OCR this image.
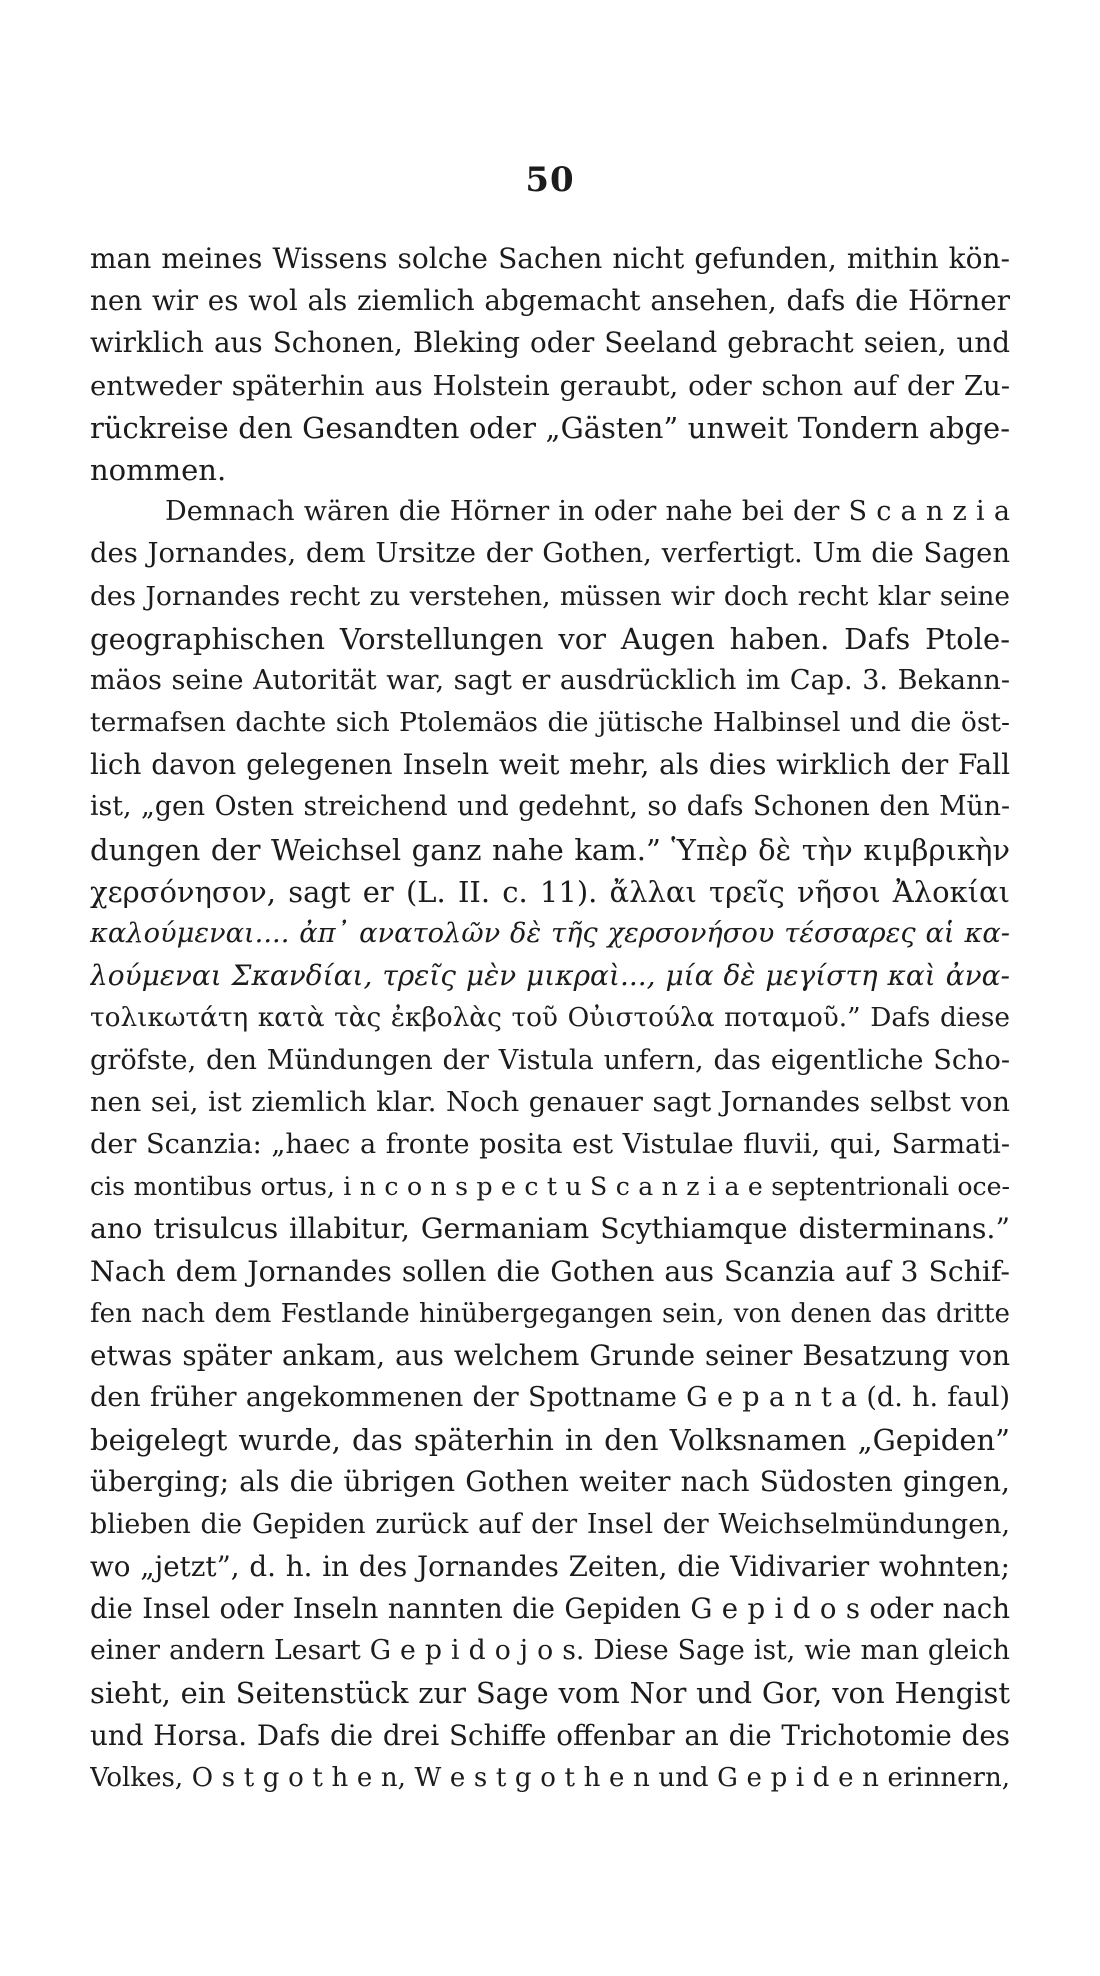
50
man meines Wissens solche Sachen nicht gefunden, mithin kön-
nen wir es wol als ziemlich abgemacht ansehen, dafs die Hörner
wirklich aus Schonen, Bleking oder Seeland gebracht seien, und
entweder späterhin aus Holstein geraubt, oder schon auf der Zu-
rückreise den Gesandten oder „Gästen” unweit Tondern abge-
nommen.
Demnach wären die Hörner in oder nahe bei der S c a n z i a
des Jornandes, dem Ursitze der Gothen, verfertigt. Um die Sagen
des Jornandes recht zu verstehen, müssen wir doch recht klar seine
geographischen Vorstellungen vor Augen haben. Dafs Ptole-
mäos seine Autorität war, sagt er ausdrücklich im Cap. 3. Bekann-
termafsen dachte sich Ptolemäos die jütische Halbinsel und die öst-
lich davon gelegenen Inseln weit mehr, als dies wirklich der Fall
ist, „gen Osten streichend und gedehnt, so dafs Schonen den Mün-
dungen der Weichsel ganz nahe kam.” Ὑπὲρ δὲ τὴν κιμβρικὴν
χερσόνησον, sagt er (L. II. c. 11). ἄλλαι τρεῖς νῆσοι Ἀλοκίαι
καλούμεναι.... ἀπ᾽ ανατολῶν δὲ τῆς χερσονήσου τέσσαρες αἱ κα-
λούμεναι Σκανδίαι, τρεῖς μὲν μικραὶ..., μία δὲ μεγίστη καὶ ἀνα-
τολικωτάτη κατὰ τὰς ἐκβολὰς τοῦ Οὐιστούλα ποταμοῦ.” Dafs diese
gröfste, den Mündungen der Vistula unfern, das eigentliche Scho-
nen sei, ist ziemlich klar. Noch genauer sagt Jornandes selbst von
der Scanzia: „haec a fronte posita est Vistulae fluvii, qui, Sarmati-
cis montibus ortus, i n c o n s p e c t u S c a n z i a e septentrionali oce-
ano trisulcus illabitur, Germaniam Scythiamque disterminans.”
Nach dem Jornandes sollen die Gothen aus Scanzia auf 3 Schif-
fen nach dem Festlande hinübergegangen sein, von denen das dritte
etwas später ankam, aus welchem Grunde seiner Besatzung von
den früher angekommenen der Spottname G e p a n t a (d. h. faul)
beigelegt wurde, das späterhin in den Volksnamen „Gepiden”
überging; als die übrigen Gothen weiter nach Südosten gingen,
blieben die Gepiden zurück auf der Insel der Weichselmündungen,
wo „jetzt”, d. h. in des Jornandes Zeiten, die Vidivarier wohnten;
die Insel oder Inseln nannten die Gepiden G e p i d o s oder nach
einer andern Lesart G e p i d o j o s. Diese Sage ist, wie man gleich
sieht, ein Seitenstück zur Sage vom Nor und Gor, von Hengist
und Horsa. Dafs die drei Schiffe offenbar an die Trichotomie des
Volkes, O s t g o t h e n, W e s t g o t h e n und G e p i d e n erinnern,
